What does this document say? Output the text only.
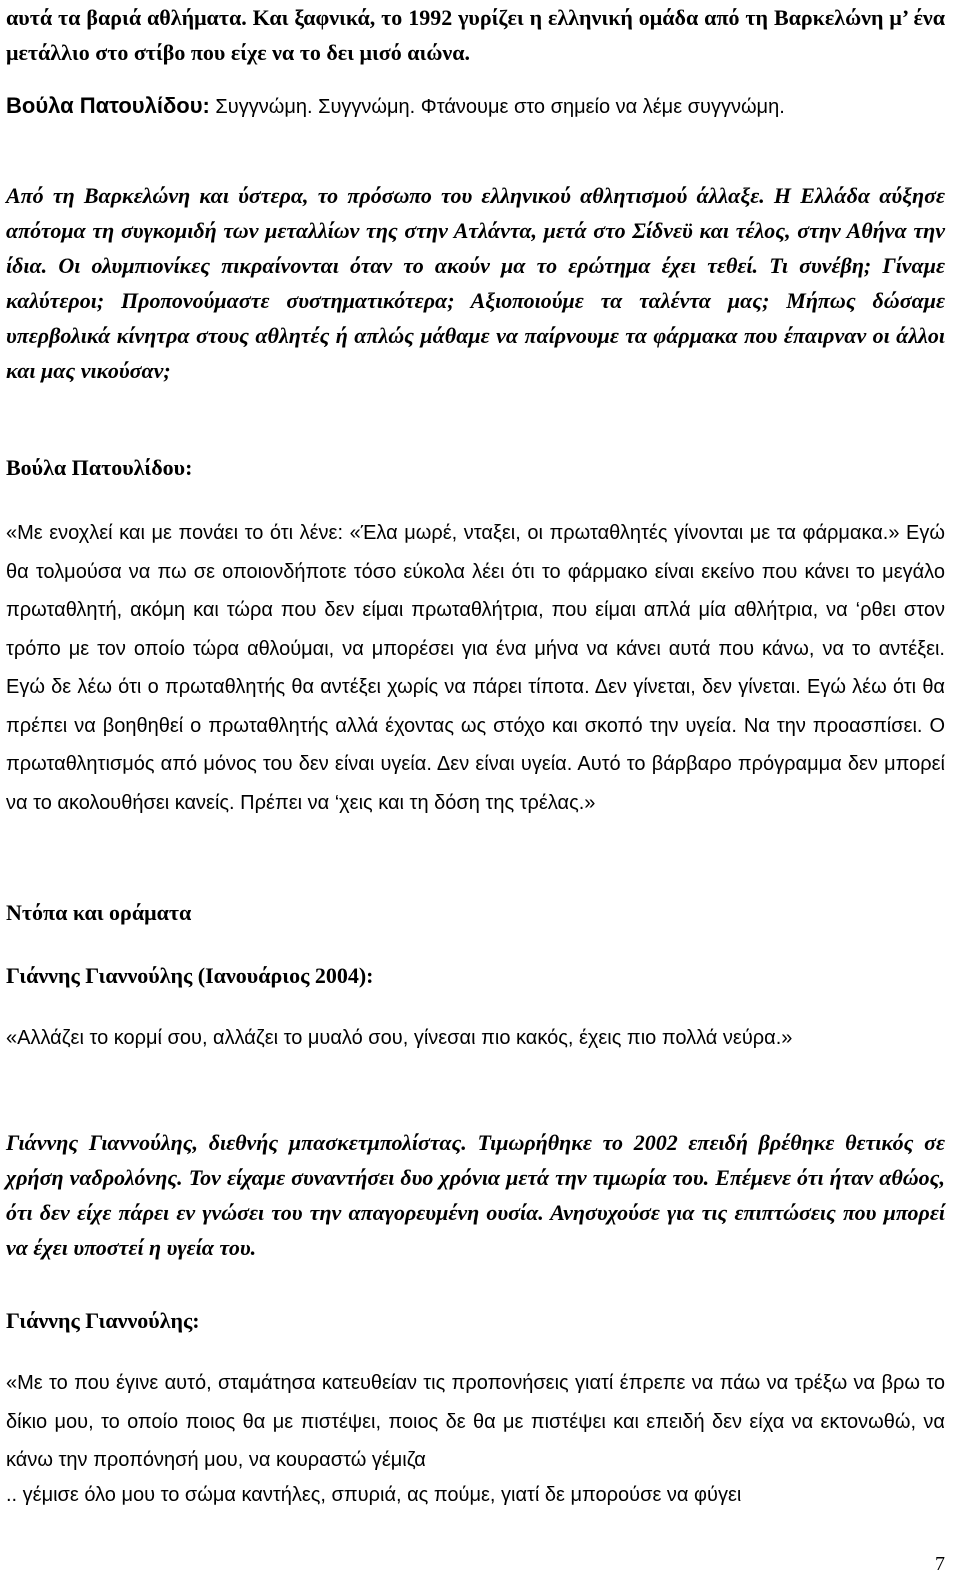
αυτά τα βαριά αθλήματα. Και ξαφνικά, το 1992 γυρίζει η ελληνική ομάδα από τη Βαρκελώνη μ’ ένα μετάλλιο στο στίβο που είχε να το δει μισό αιώνα.

Βούλα Πατουλίδου: Συγγνώμη. Συγγνώμη. Φτάνουμε στο σημείο να λέμε συγγνώμη.

Από τη Βαρκελώνη και ύστερα, το πρόσωπο του ελληνικού αθλητισμού άλλαξε. Η Ελλάδα αύξησε απότομα τη συγκομιδή των μεταλλίων της στην Ατλάντα, μετά στο Σίδνεϋ και τέλος, στην Αθήνα την ίδια. Οι ολυμπιονίκες πικραίνονται όταν το ακούν μα το ερώτημα έχει τεθεί. Τι συνέβη; Γίναμε καλύτεροι; Προπονούμαστε συστηματικότερα; Αξιοποιούμε τα ταλέντα μας; Μήπως δώσαμε υπερβολικά κίνητρα στους αθλητές ή απλώς μάθαμε να παίρνουμε τα φάρμακα που έπαιρναν οι άλλοι και μας νικούσαν;

Βούλα Πατουλίδου:

«Με ενοχλεί και με πονάει το ότι λένε: «Έλα μωρέ, νταξει, οι πρωταθλητές γίνονται με τα φάρμακα.» Εγώ θα τολμούσα να πω σε οποιονδήποτε τόσο εύκολα λέει ότι το φάρμακο είναι εκείνο που κάνει το μεγάλο πρωταθλητή, ακόμη και τώρα που δεν είμαι πρωταθλήτρια, που είμαι απλά μία αθλήτρια, να ‘ρθει στον τρόπο με τον οποίο τώρα αθλούμαι, να μπορέσει για ένα μήνα να κάνει αυτά που κάνω, να το αντέξει. Εγώ δε λέω ότι ο πρωταθλητής θα αντέξει χωρίς να πάρει τίποτα. Δεν γίνεται, δεν γίνεται. Εγώ λέω ότι θα πρέπει να βοηθηθεί ο πρωταθλητής αλλά έχοντας ως στόχο και σκοπό την υγεία. Να την προασπίσει. Ο πρωταθλητισμός από μόνος του δεν είναι υγεία. Δεν είναι υγεία. Αυτό το βάρβαρο πρόγραμμα δεν μπορεί να το ακολουθήσει κανείς. Πρέπει να ‘χεις και τη δόση της τρέλας.»

Ντόπα και οράματα

Γιάννης Γιαννούλης (Ιανουάριος 2004):

«Αλλάζει το κορμί σου, αλλάζει το μυαλό σου, γίνεσαι πιο κακός, έχεις πιο πολλά νεύρα.»

Γιάννης Γιαννούλης, διεθνής μπασκετμπολίστας. Τιμωρήθηκε το 2002 επειδή βρέθηκε θετικός σε χρήση ναδρολόνης. Τον είχαμε συναντήσει δυο χρόνια μετά την τιμωρία του. Επέμενε ότι ήταν αθώος, ότι δεν είχε πάρει εν γνώσει του την απαγορευμένη ουσία. Ανησυχούσε για τις επιπτώσεις που μπορεί να έχει υποστεί η υγεία του.

Γιάννης Γιαννούλης:

«Με το που έγινε αυτό, σταμάτησα κατευθείαν τις προπονήσεις γιατί έπρεπε να πάω να τρέξω να βρω το δίκιο μου, το οποίο ποιος θα με πιστέψει, ποιος δε θα με πιστέψει και επειδή δεν είχα να εκτονωθώ, να κάνω την προπόνησή μου, να κουραστώ γέμιζα

.. γέμισε όλο μου το σώμα καντήλες, σπυριά, ας πούμε, γιατί δε μπορούσε να φύγει

7
